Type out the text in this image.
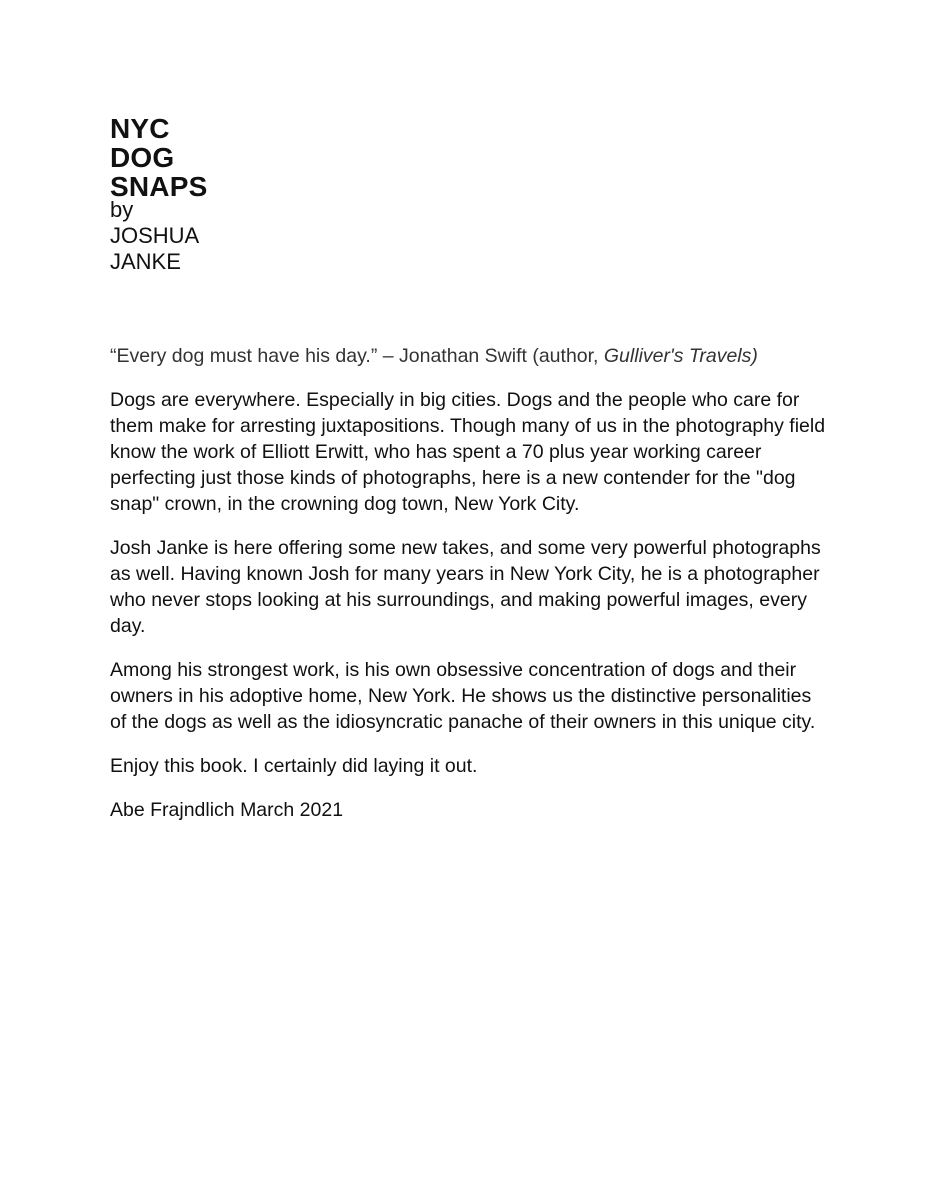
NYC
DOG
SNAPS
by
JOSHUA
JANKE

“Every dog must have his day.” – Jonathan Swift (author, Gulliver's Travels)

Dogs are everywhere. Especially in big cities. Dogs and the people who care for them make for arresting juxtapositions. Though many of us in the photography field know the work of Elliott Erwitt, who has spent a 70 plus year working career perfecting just those kinds of photographs, here is a new contender for the "dog snap" crown, in the crowning dog town, New York City.

Josh Janke is here offering some new takes, and some very powerful photographs as well. Having known Josh for many years in New York City, he is a photographer who never stops looking at his surroundings, and making powerful images, every day.

Among his strongest work, is his own obsessive concentration of dogs and their owners in his adoptive home, New York. He shows us the distinctive personalities of the dogs as well as the idiosyncratic panache of their owners in this unique city.

Enjoy this book. I certainly did laying it out.

Abe Frajndlich March 2021
